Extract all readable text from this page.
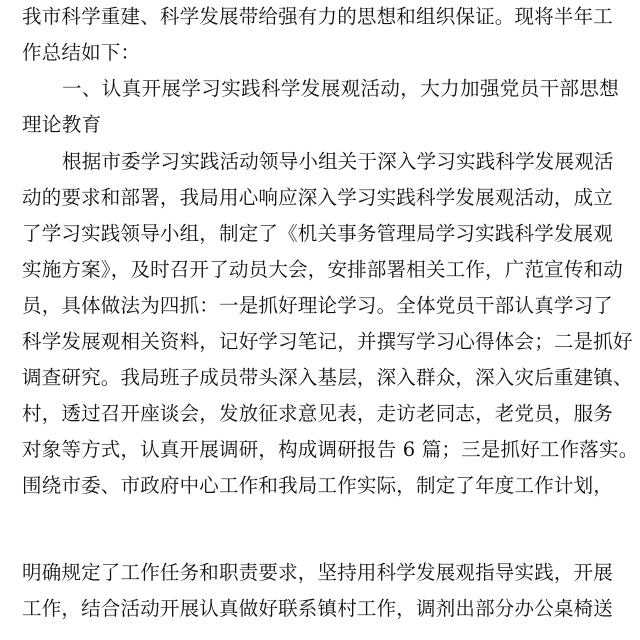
我市科学重建、科学发展带给强有力的思想和组织保证。现将半年工
作总结如下：
一、认真开展学习实践科学发展观活动，大力加强党员干部思想
理论教育
根据市委学习实践活动领导小组关于深入学习实践科学发展观活
动的要求和部署，我局用心响应深入学习实践科学发展观活动，成立
了学习实践领导小组，制定了《机关事务管理局学习实践科学发展观
实施方案》，及时召开了动员大会，安排部署相关工作，广范宣传和动
员，具体做法为四抓：一是抓好理论学习。全体党员干部认真学习了
科学发展观相关资料，记好学习笔记，并撰写学习心得体会；二是抓好
调查研究。我局班子成员带头深入基层，深入群众，深入灾后重建镇、
村，透过召开座谈会，发放征求意见表，走访老同志，老党员，服务
对象等方式，认真开展调研，构成调研报告 6 篇；三是抓好工作落实。
围绕市委、市政府中心工作和我局工作实际，制定了年度工作计划，
明确规定了工作任务和职责要求，坚持用科学发展观指导实践，开展
工作，结合活动开展认真做好联系镇村工作，调剂出部分办公桌椅送
